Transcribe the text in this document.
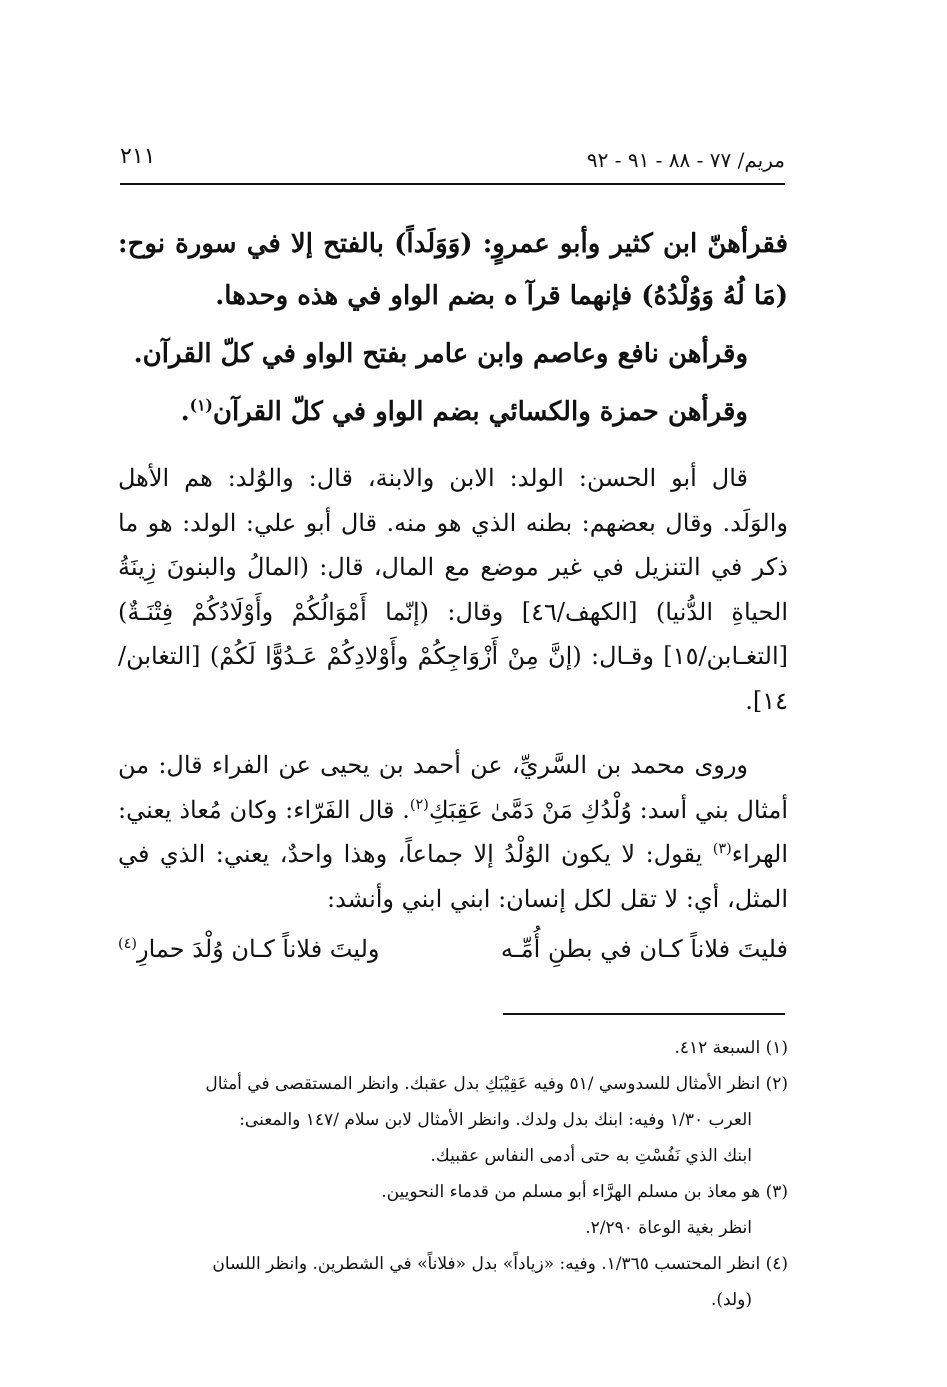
مريم/ ٧٧ - ٨٨ - ٩١ - ٩٢
٢١١

فقرأهنّ ابن كثير وأبو عمروٍ: (وَوَلَداً) بالفتح إلا في سورة نوح: (مَا لُهُ وَوُلْدُهُ) فإنهما قرآ ه بضم الواو في هذه وحدها.

وقرأهن نافع وعاصم وابن عامر بفتح الواو في كلّ القرآن.

وقرأهن حمزة والكسائي بضم الواو في كلّ القرآن$^{(١)}$.

قال أبو الحسن: الولد: الابن والابنة، قال: والوُلد: هم الأهل والوَلَد. وقال بعضهم: بطنه الذي هو منه. قال أبو علي: الولد: هو ما ذكر في التنزيل في غير موضع مع المال، قال: (المالُ والبنونَ زِينَةُ الحياةِ الدُّنيا) [الكهف/٤٦] وقال: (إنّما أَمْوَالُكُمْ وأَوْلَادُكُمْ فِتْنَـةٌ) [التغـابن/١٥] وقـال: (إنَّ مِنْ أَزْوَاجِكُمْ وأَوْلادِكُمْ عَـدُوًّا لَكُمْ) [التغابن/١٤].

وروى محمد بن السَّريِّ، عن أحمد بن يحيى عن الفراء قال: من أمثال بني أسد: وُلْدُكِ مَنْ دَمَّىٰ عَقِبَكِ$^{(٢)}$. قال الفَرّاء: وكان مُعاذ يعني: الهراء$^{(٣)}$ يقول: لا يكون الوُلْدُ إلا جماعاً، وهذا واحدٌ، يعني: الذي في المثل، أي: لا تقل لكل إنسان: ابني ابني وأنشد:

فليتَ فلاناً كـان في بطنِ أُمِّـه
وليتَ فلاناً كـان وُلْدَ حمارِ$^{(٤)}$

(١) السبعة ٤١٢.

(٢) انظر الأمثال للسدوسي /٥١ وفيه عَقِيْبَكِ بدل عقبك. وانظر المستقصى في أمثال

العرب ١/٣٠ وفيه: ابنك بدل ولدك. وانظر الأمثال لابن سلام /١٤٧ والمعنى:

ابنك الذي نَفُسْتِ به حتى أدمى النفاس عقبيك.

(٣) هو معاذ بن مسلم الهرَّاء أبو مسلم من قدماء النحويين.

انظر بغية الوعاة ٢/٢٩٠.

(٤) انظر المحتسب ١/٣٦٥. وفيه: «زياداً» بدل «فلاناً» في الشطرين. وانظر اللسان

(ولد).
